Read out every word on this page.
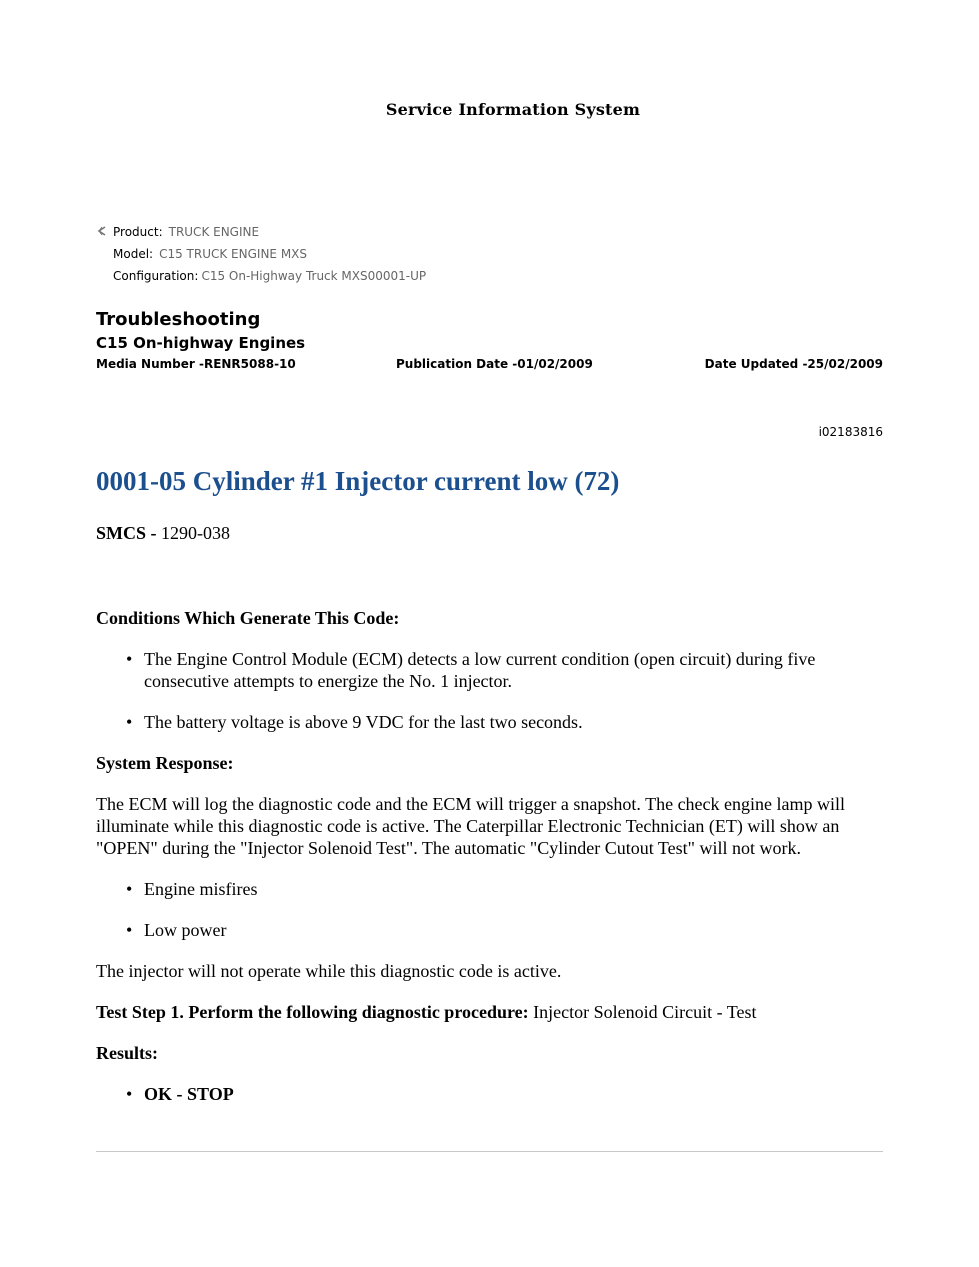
Service Information System
Product: TRUCK ENGINE
Model: C15 TRUCK ENGINE MXS
Configuration: C15 On-Highway Truck MXS00001-UP
Troubleshooting
C15 On-highway Engines
Media Number -RENR5088-10	Publication Date -01/02/2009	Date Updated -25/02/2009
i02183816
0001-05 Cylinder #1 Injector current low (72)

SMCS - 1290-038

Conditions Which Generate This Code:

• The Engine Control Module (ECM) detects a low current condition (open circuit) during five consecutive attempts to energize the No. 1 injector.
• The battery voltage is above 9 VDC for the last two seconds.

System Response:

The ECM will log the diagnostic code and the ECM will trigger a snapshot. The check engine lamp will illuminate while this diagnostic code is active. The Caterpillar Electronic Technician (ET) will show an "OPEN" during the "Injector Solenoid Test". The automatic "Cylinder Cutout Test" will not work.

• Engine misfires
• Low power

The injector will not operate while this diagnostic code is active.

Test Step 1. Perform the following diagnostic procedure: Injector Solenoid Circuit - Test

Results:

• OK - STOP
